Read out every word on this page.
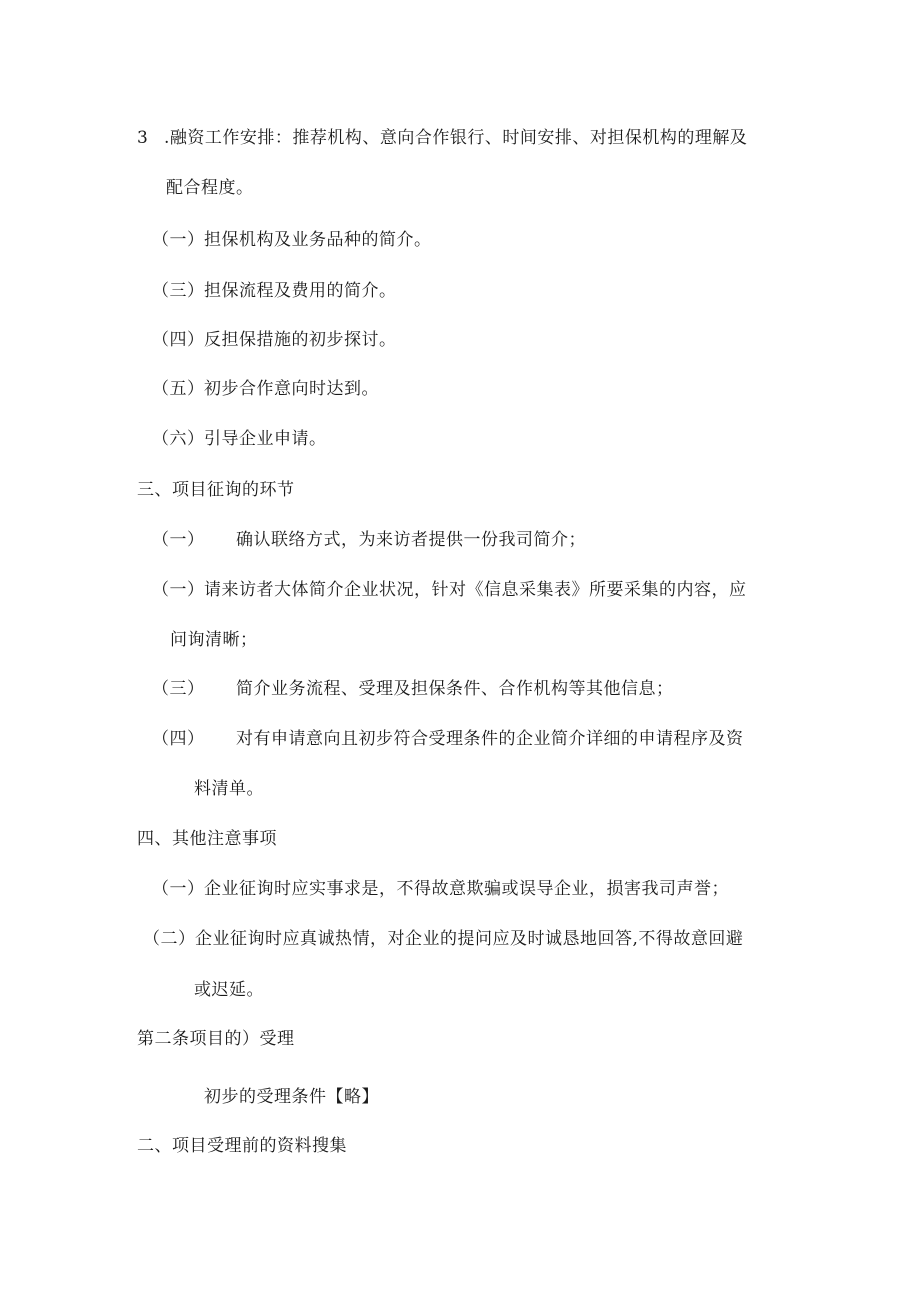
3 .融资工作安排：推荐机构、意向合作银行、时间安排、对担保机构的理解及
配合程度。
（一）担保机构及业务品种的简介。
（三）担保流程及费用的简介。
（四）反担保措施的初步探讨。
（五）初步合作意向时达到。
（六）引导企业申请。
三、项目征询的环节
（一） 确认联络方式，为来访者提供一份我司简介；
（一）请来访者大体简介企业状况，针对《信息采集表》所要采集的内容，应
问询清晰；
（三） 简介业务流程、受理及担保条件、合作机构等其他信息；
（四） 对有申请意向且初步符合受理条件的企业简介详细的申请程序及资
料清单。
四、其他注意事项
（一）企业征询时应实事求是，不得故意欺骗或误导企业，损害我司声誉；
（二）企业征询时应真诚热情，对企业的提问应及时诚恳地回答,不得故意回避
或迟延。
第二条项目的）受理
初步的受理条件【略】
二、项目受理前的资料搜集
